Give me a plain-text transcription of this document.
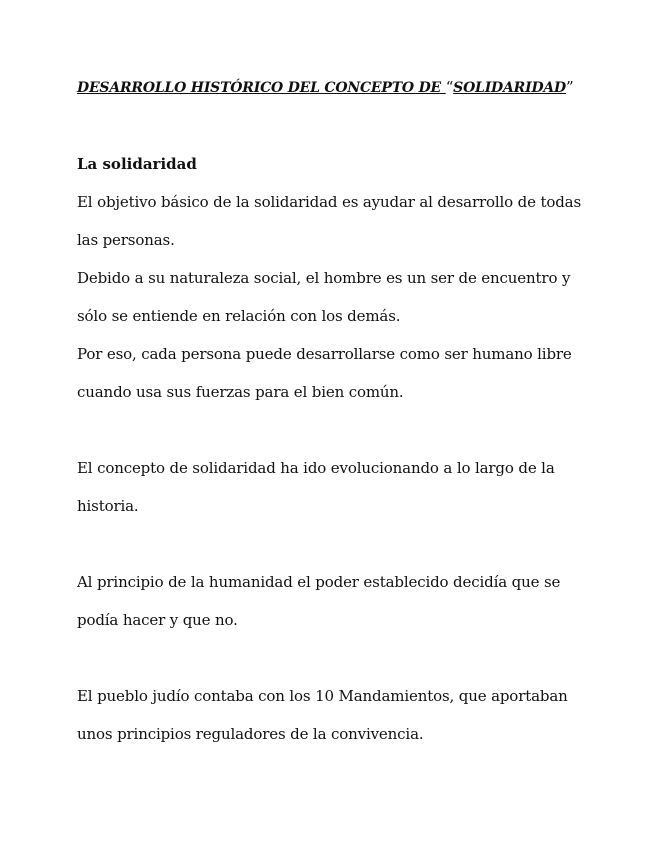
DESARROLLO HISTÓRICO DEL CONCEPTO DE “SOLIDARIDAD”
La solidaridad

El objetivo básico de la solidaridad es ayudar al desarrollo de todas las personas.

Debido a su naturaleza social, el hombre es un ser de encuentro y sólo se entiende en relación con los demás.

Por eso, cada persona puede desarrollarse como ser humano libre cuando usa sus fuerzas para el bien común.

El concepto de solidaridad ha ido evolucionando a lo largo de la historia.

Al principio de la humanidad el poder establecido decidía que se podía hacer y que no.

El pueblo judío contaba con los 10 Mandamientos, que aportaban unos principios reguladores de la convivencia.
